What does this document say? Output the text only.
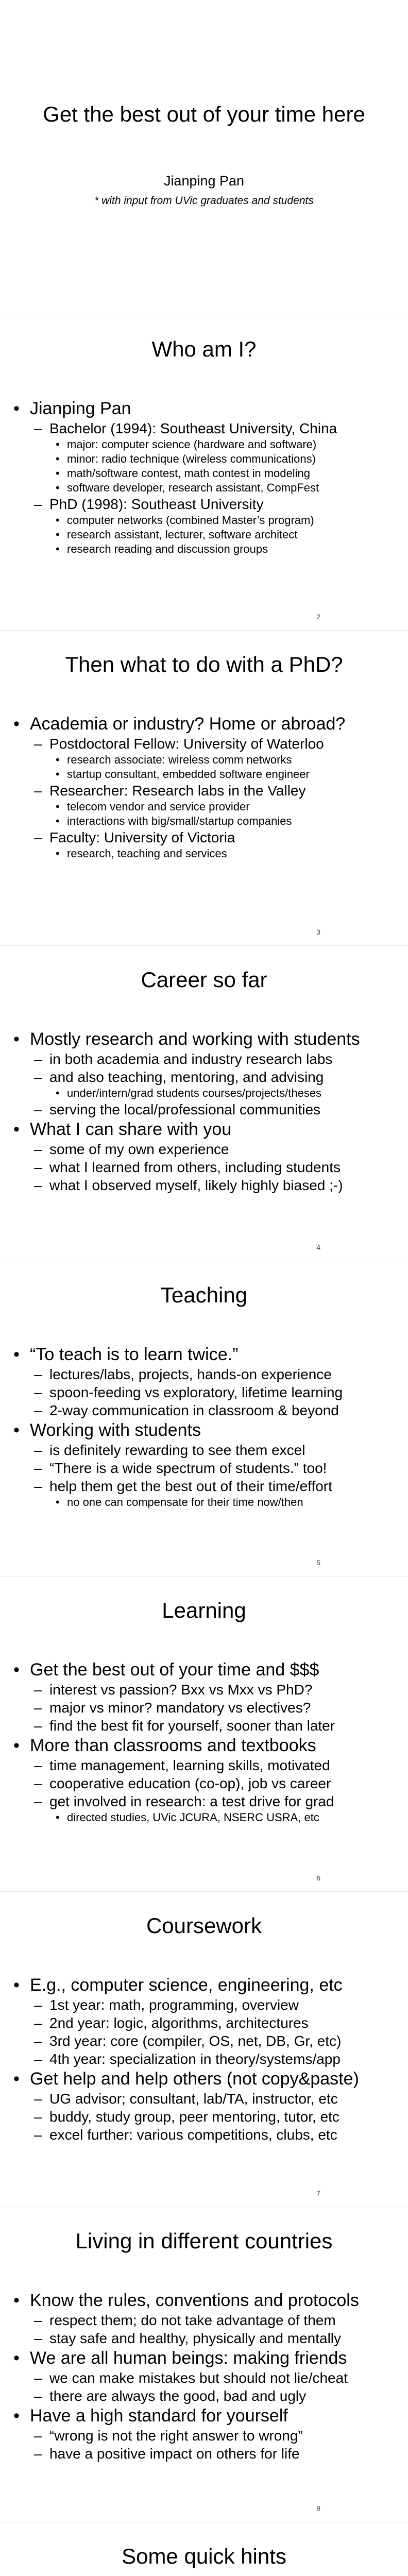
Get the best out of your time here
Jianping Pan
* with input from UVic graduates and students
Who am I?
• Jianping Pan
– Bachelor (1994): Southeast University, China
• major: computer science (hardware and software)
• minor: radio technique (wireless communications)
• math/software contest, math contest in modeling
• software developer, research assistant, CompFest
– PhD (1998): Southeast University
• computer networks (combined Master’s program)
• research assistant, lecturer, software architect
• research reading and discussion groups
2
Then what to do with a PhD?
• Academia or industry? Home or abroad?
– Postdoctoral Fellow: University of Waterloo
• research associate: wireless comm networks
• startup consultant, embedded software engineer
– Researcher: Research labs in the Valley
• telecom vendor and service provider
• interactions with big/small/startup companies
– Faculty: University of Victoria
• research, teaching and services
3
Career so far
• Mostly research and working with students
– in both academia and industry research labs
– and also teaching, mentoring, and advising
• under/intern/grad students courses/projects/theses
– serving the local/professional communities
• What I can share with you
– some of my own experience
– what I learned from others, including students
– what I observed myself, likely highly biased ;-)
4
Teaching
• “To teach is to learn twice.”
– lectures/labs, projects, hands-on experience
– spoon-feeding vs exploratory, lifetime learning
– 2-way communication in classroom & beyond
• Working with students
– is definitely rewarding to see them excel
– “There is a wide spectrum of students.” too!
– help them get the best out of their time/effort
• no one can compensate for their time now/then
5
Learning
• Get the best out of your time and $$$
– interest vs passion? Bxx vs Mxx vs PhD?
– major vs minor? mandatory vs electives?
– find the best fit for yourself, sooner than later
• More than classrooms and textbooks
– time management, learning skills, motivated
– cooperative education (co-op), job vs career
– get involved in research: a test drive for grad
• directed studies, UVic JCURA, NSERC USRA, etc
6
Coursework
• E.g., computer science, engineering, etc
– 1st year: math, programming, overview
– 2nd year: logic, algorithms, architectures
– 3rd year: core (compiler, OS, net, DB, Gr, etc)
– 4th year: specialization in theory/systems/app
• Get help and help others (not copy&paste)
– UG advisor; consultant, lab/TA, instructor, etc
– buddy, study group, peer mentoring, tutor, etc
– excel further: various competitions, clubs, etc
7
Living in different countries
• Know the rules, conventions and protocols
– respect them; do not take advantage of them
– stay safe and healthy, physically and mentally
• We are all human beings: making friends
– we can make mistakes but should not lie/cheat
– there are always the good, bad and ugly
• Have a high standard for yourself
– “wrong is not the right answer to wrong”
– have a positive impact on others for life
8
Some quick hints
